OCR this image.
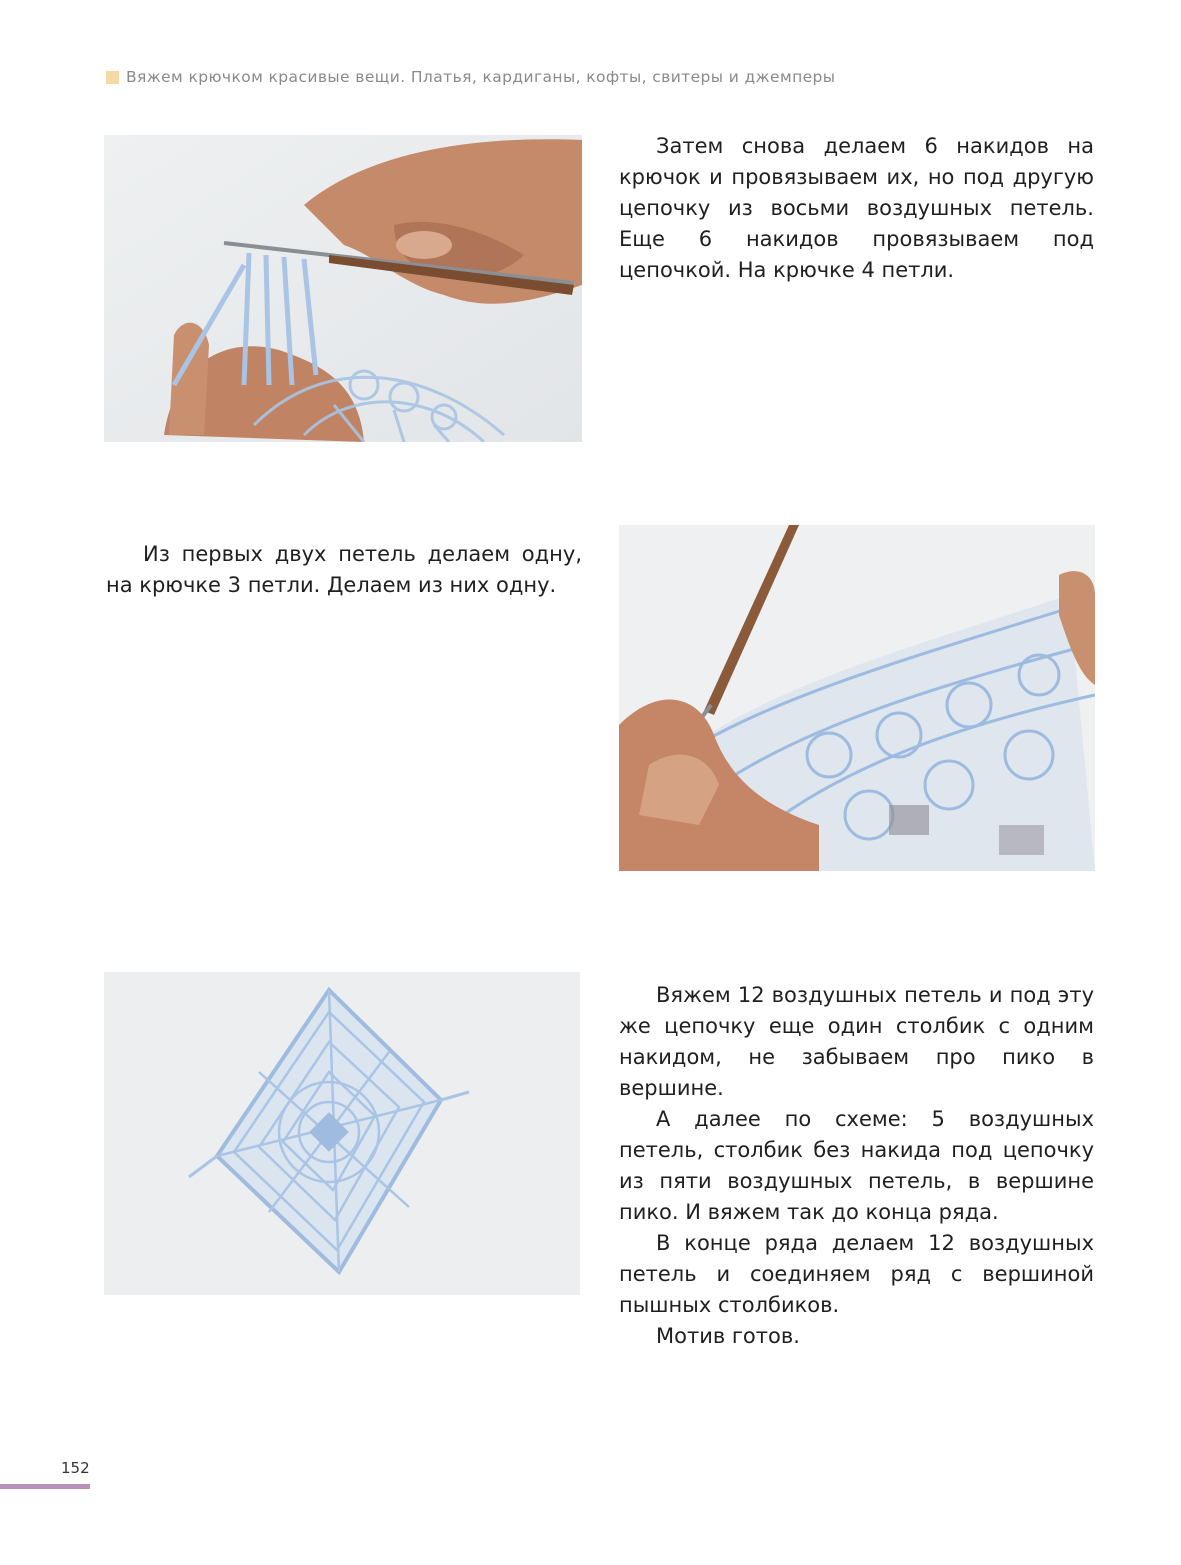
Вяжем крючком красивые вещи. Платья, кардиганы, кофты, свитеры и джемперы

Затем снова делаем 6 накидов на крючок и провязываем их, но под другую цепочку из восьми воздушных петель. Еще 6 накидов провязываем под цепочкой. На крючке 4 петли.

Из первых двух петель делаем одну, на крючке 3 петли. Делаем из них одну.

Вяжем 12 воздушных петель и под эту же цепочку еще один столбик с одним накидом, не забываем про пико в вершине.

А далее по схеме: 5 воздушных петель, столбик без накида под цепочку из пяти воздушных петель, в вершине пико. И вяжем так до конца ряда.

В конце ряда делаем 12 воздушных петель и соединяем ряд с вершиной пышных столбиков.

Мотив готов.

152
